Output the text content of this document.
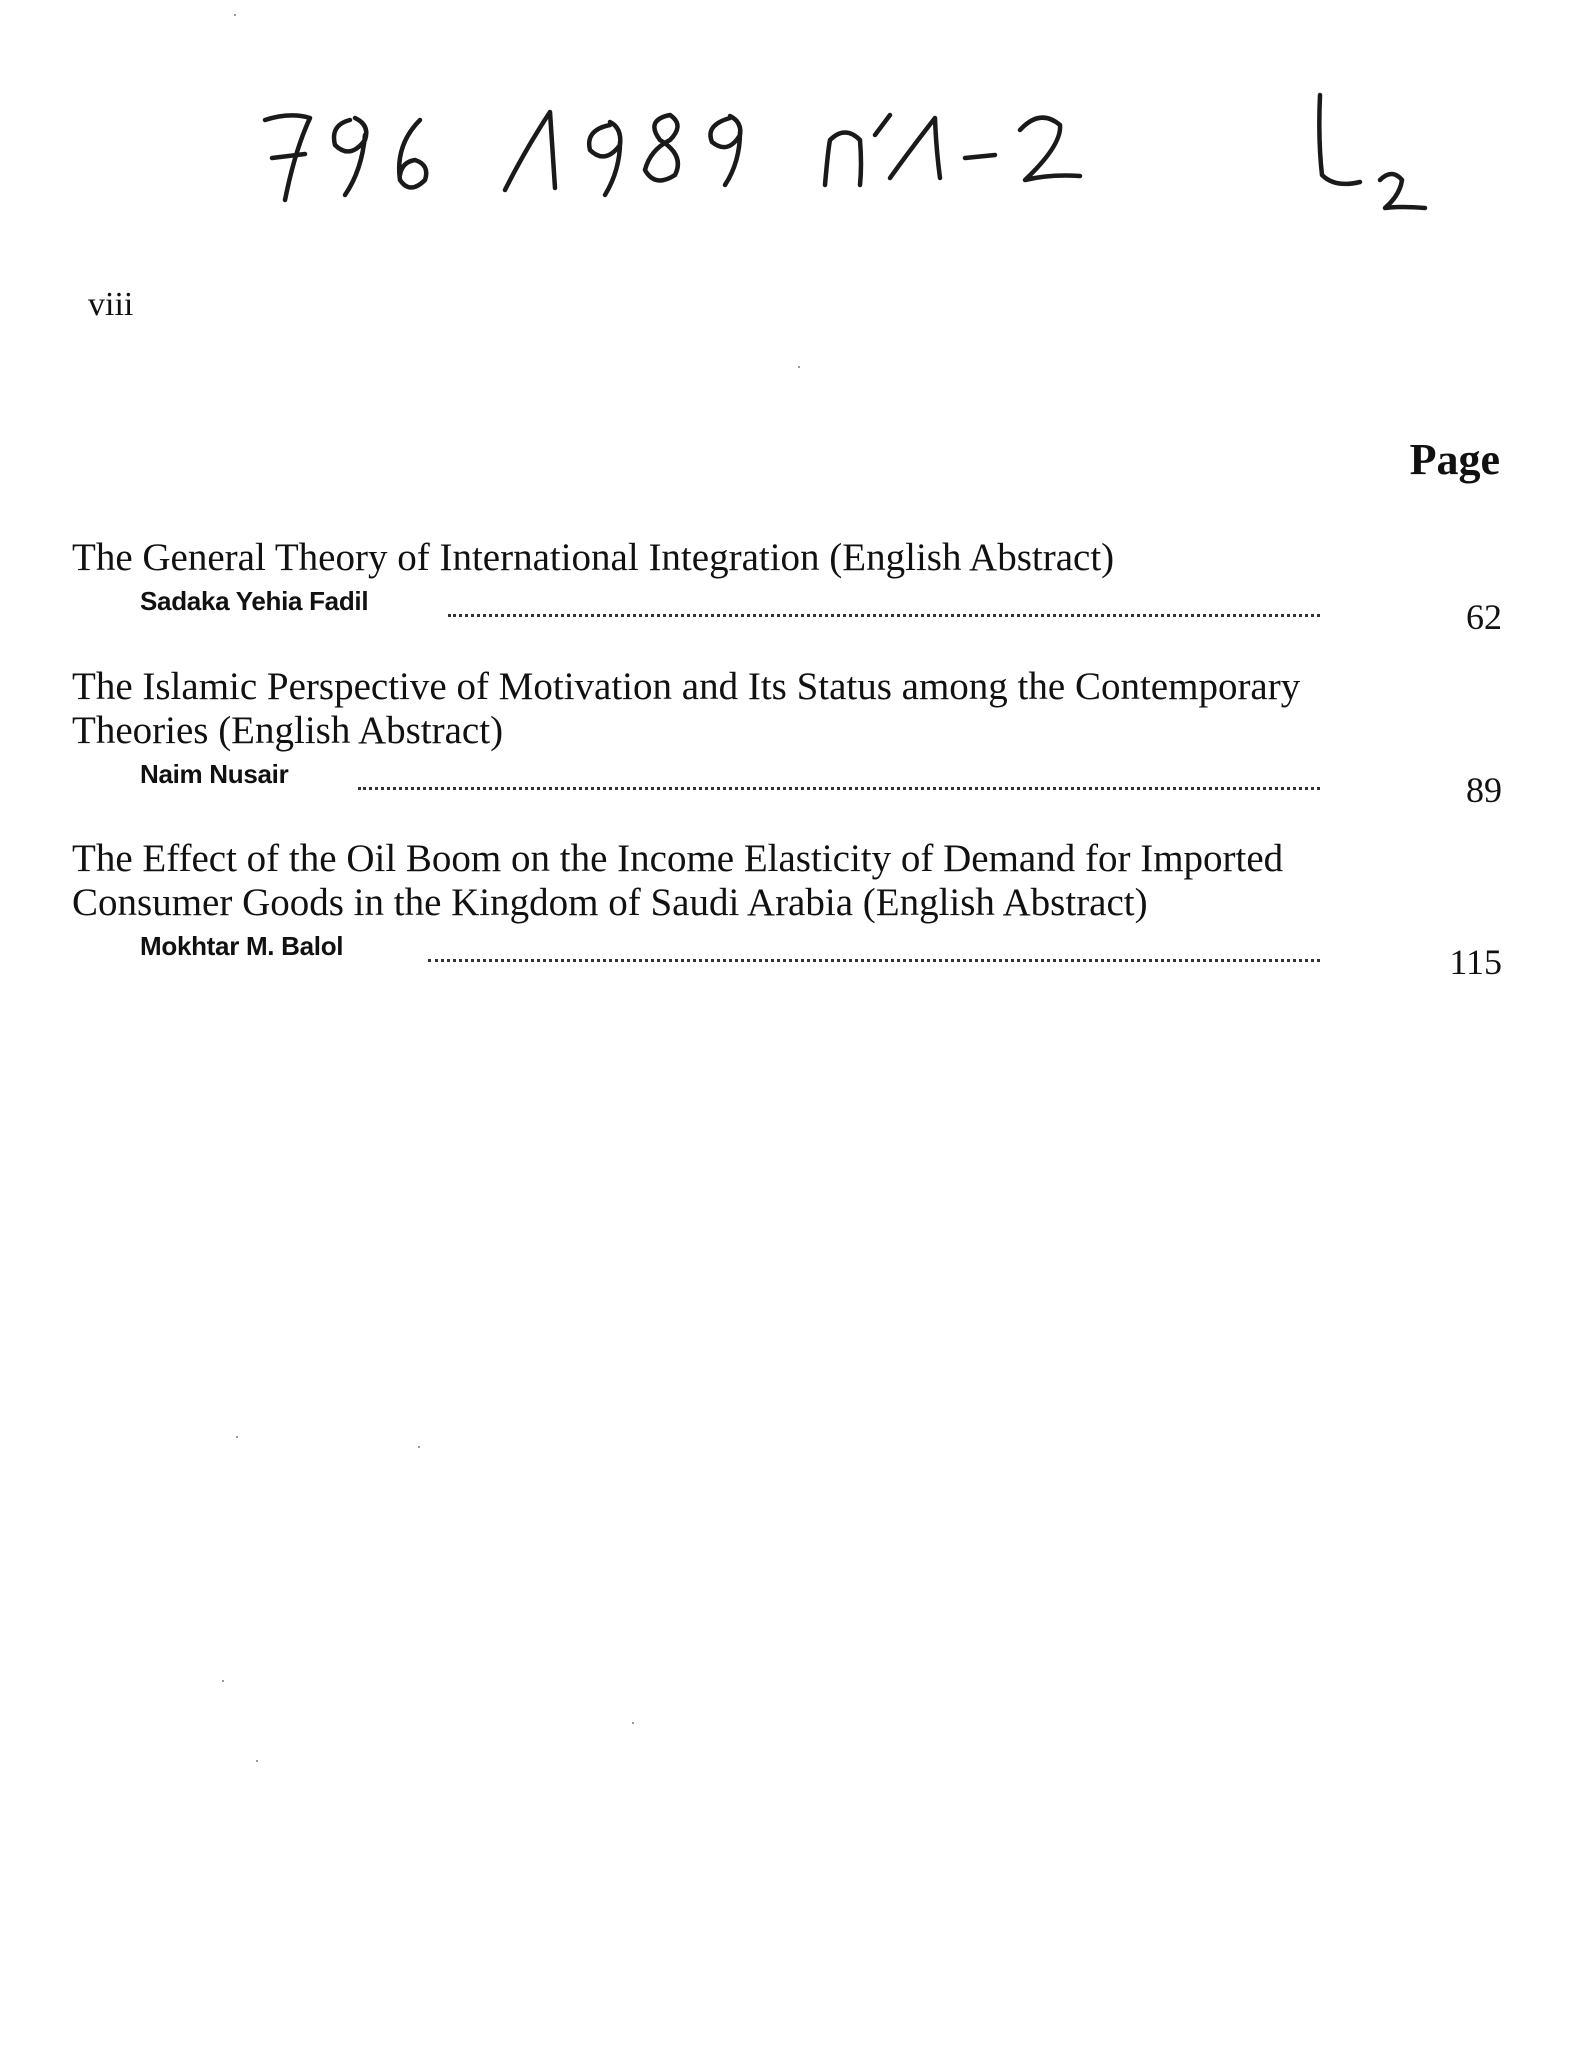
viii
Page
The General Theory of International Integration (English Abstract)
Sadaka Yehia Fadil	62
The Islamic Perspective of Motivation and Its Status among the Contemporary Theories (English Abstract)
Naim Nusair	89
The Effect of the Oil Boom on the Income Elasticity of Demand for Imported Consumer Goods in the Kingdom of Saudi Arabia (English Abstract)
Mokhtar M. Balol	115
